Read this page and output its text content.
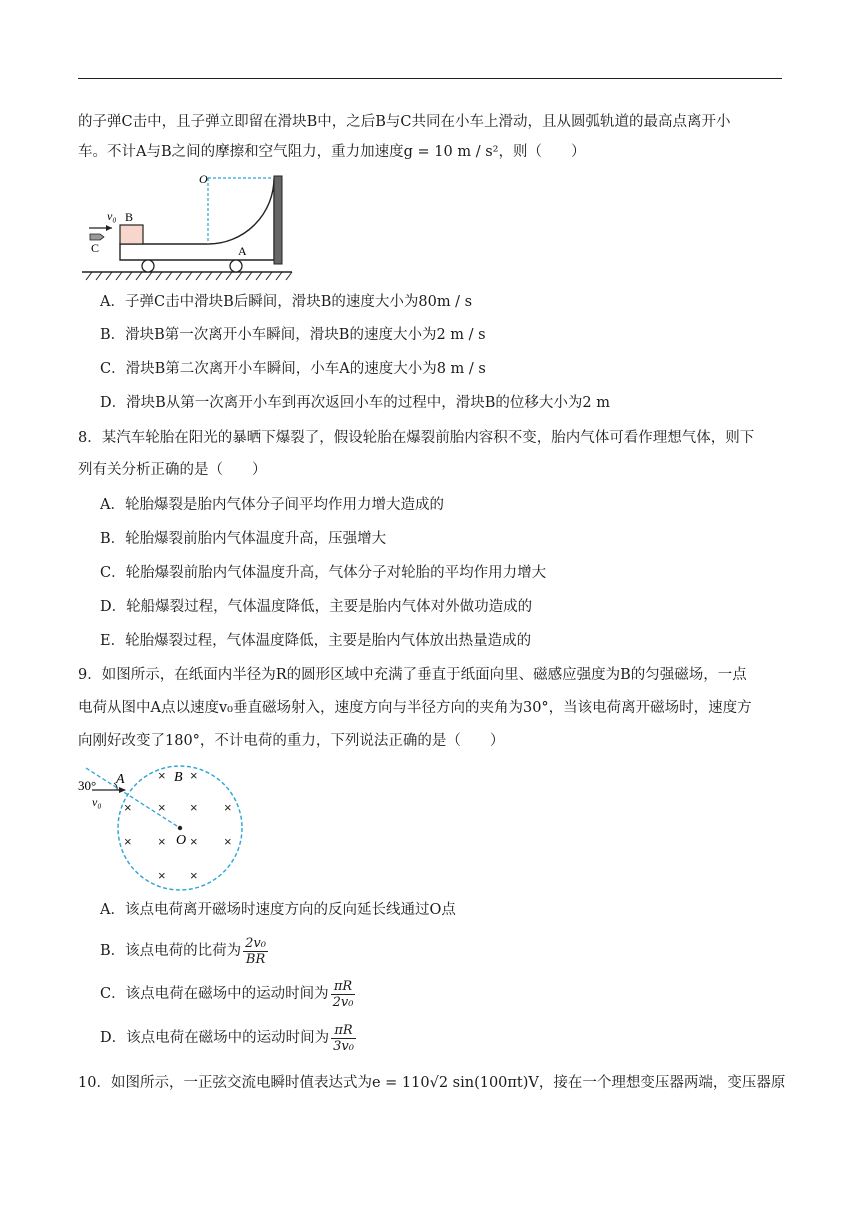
的子弹C击中，且子弹立即留在滑块B中，之后B与C共同在小车上滑动，且从圆弧轨道的最高点离开小
车。不计A与B之间的摩擦和空气阻力，重力加速度g = 10 m / s²，则（　　）
O
v₀ B
C	A
A．子弹C击中滑块B后瞬间，滑块B的速度大小为80m / s
B．滑块B第一次离开小车瞬间，滑块B的速度大小为2 m / s
C．滑块B第二次离开小车瞬间，小车A的速度大小为8 m / s
D．滑块B从第一次离开小车到再次返回小车的过程中，滑块B的位移大小为2 m
8．某汽车轮胎在阳光的暴晒下爆裂了，假设轮胎在爆裂前胎内容积不变，胎内气体可看作理想气体，则下
列有关分析正确的是（　　）
A．轮胎爆裂是胎内气体分子间平均作用力增大造成的
B．轮胎爆裂前胎内气体温度升高，压强增大
C．轮胎爆裂前胎内气体温度升高，气体分子对轮胎的平均作用力增大
D．轮船爆裂过程，气体温度降低，主要是胎内气体对外做功造成的
E．轮胎爆裂过程，气体温度降低，主要是胎内气体放出热量造成的
9．如图所示，在纸面内半径为R的圆形区域中充满了垂直于纸面向里、磁感应强度为B的匀强磁场，一点
电荷从图中A点以速度v₀垂直磁场射入，速度方向与半径方向的夹角为30°，当该电荷离开磁场时，速度方
向刚好改变了180°，不计电荷的重力，下列说法正确的是（　　）
30° A	B
O
v₀
× ×
× × × ×
× × × ×
× ×
A．该点电荷离开磁场时速度方向的反向延长线通过O点
B．该点电荷的比荷为 $\frac{\text{2v₀}}{BR}$
C．该点电荷在磁场中的运动时间为 $\frac{\pi R}{\text{2v₀}}$
D．该点电荷在磁场中的运动时间为 $\frac{\pi R}{\text{3v₀}}$
10．如图所示，一正弦交流电瞬时值表达式为e = 110√2 sin(100πt)V，接在一个理想变压器两端，变压器原
